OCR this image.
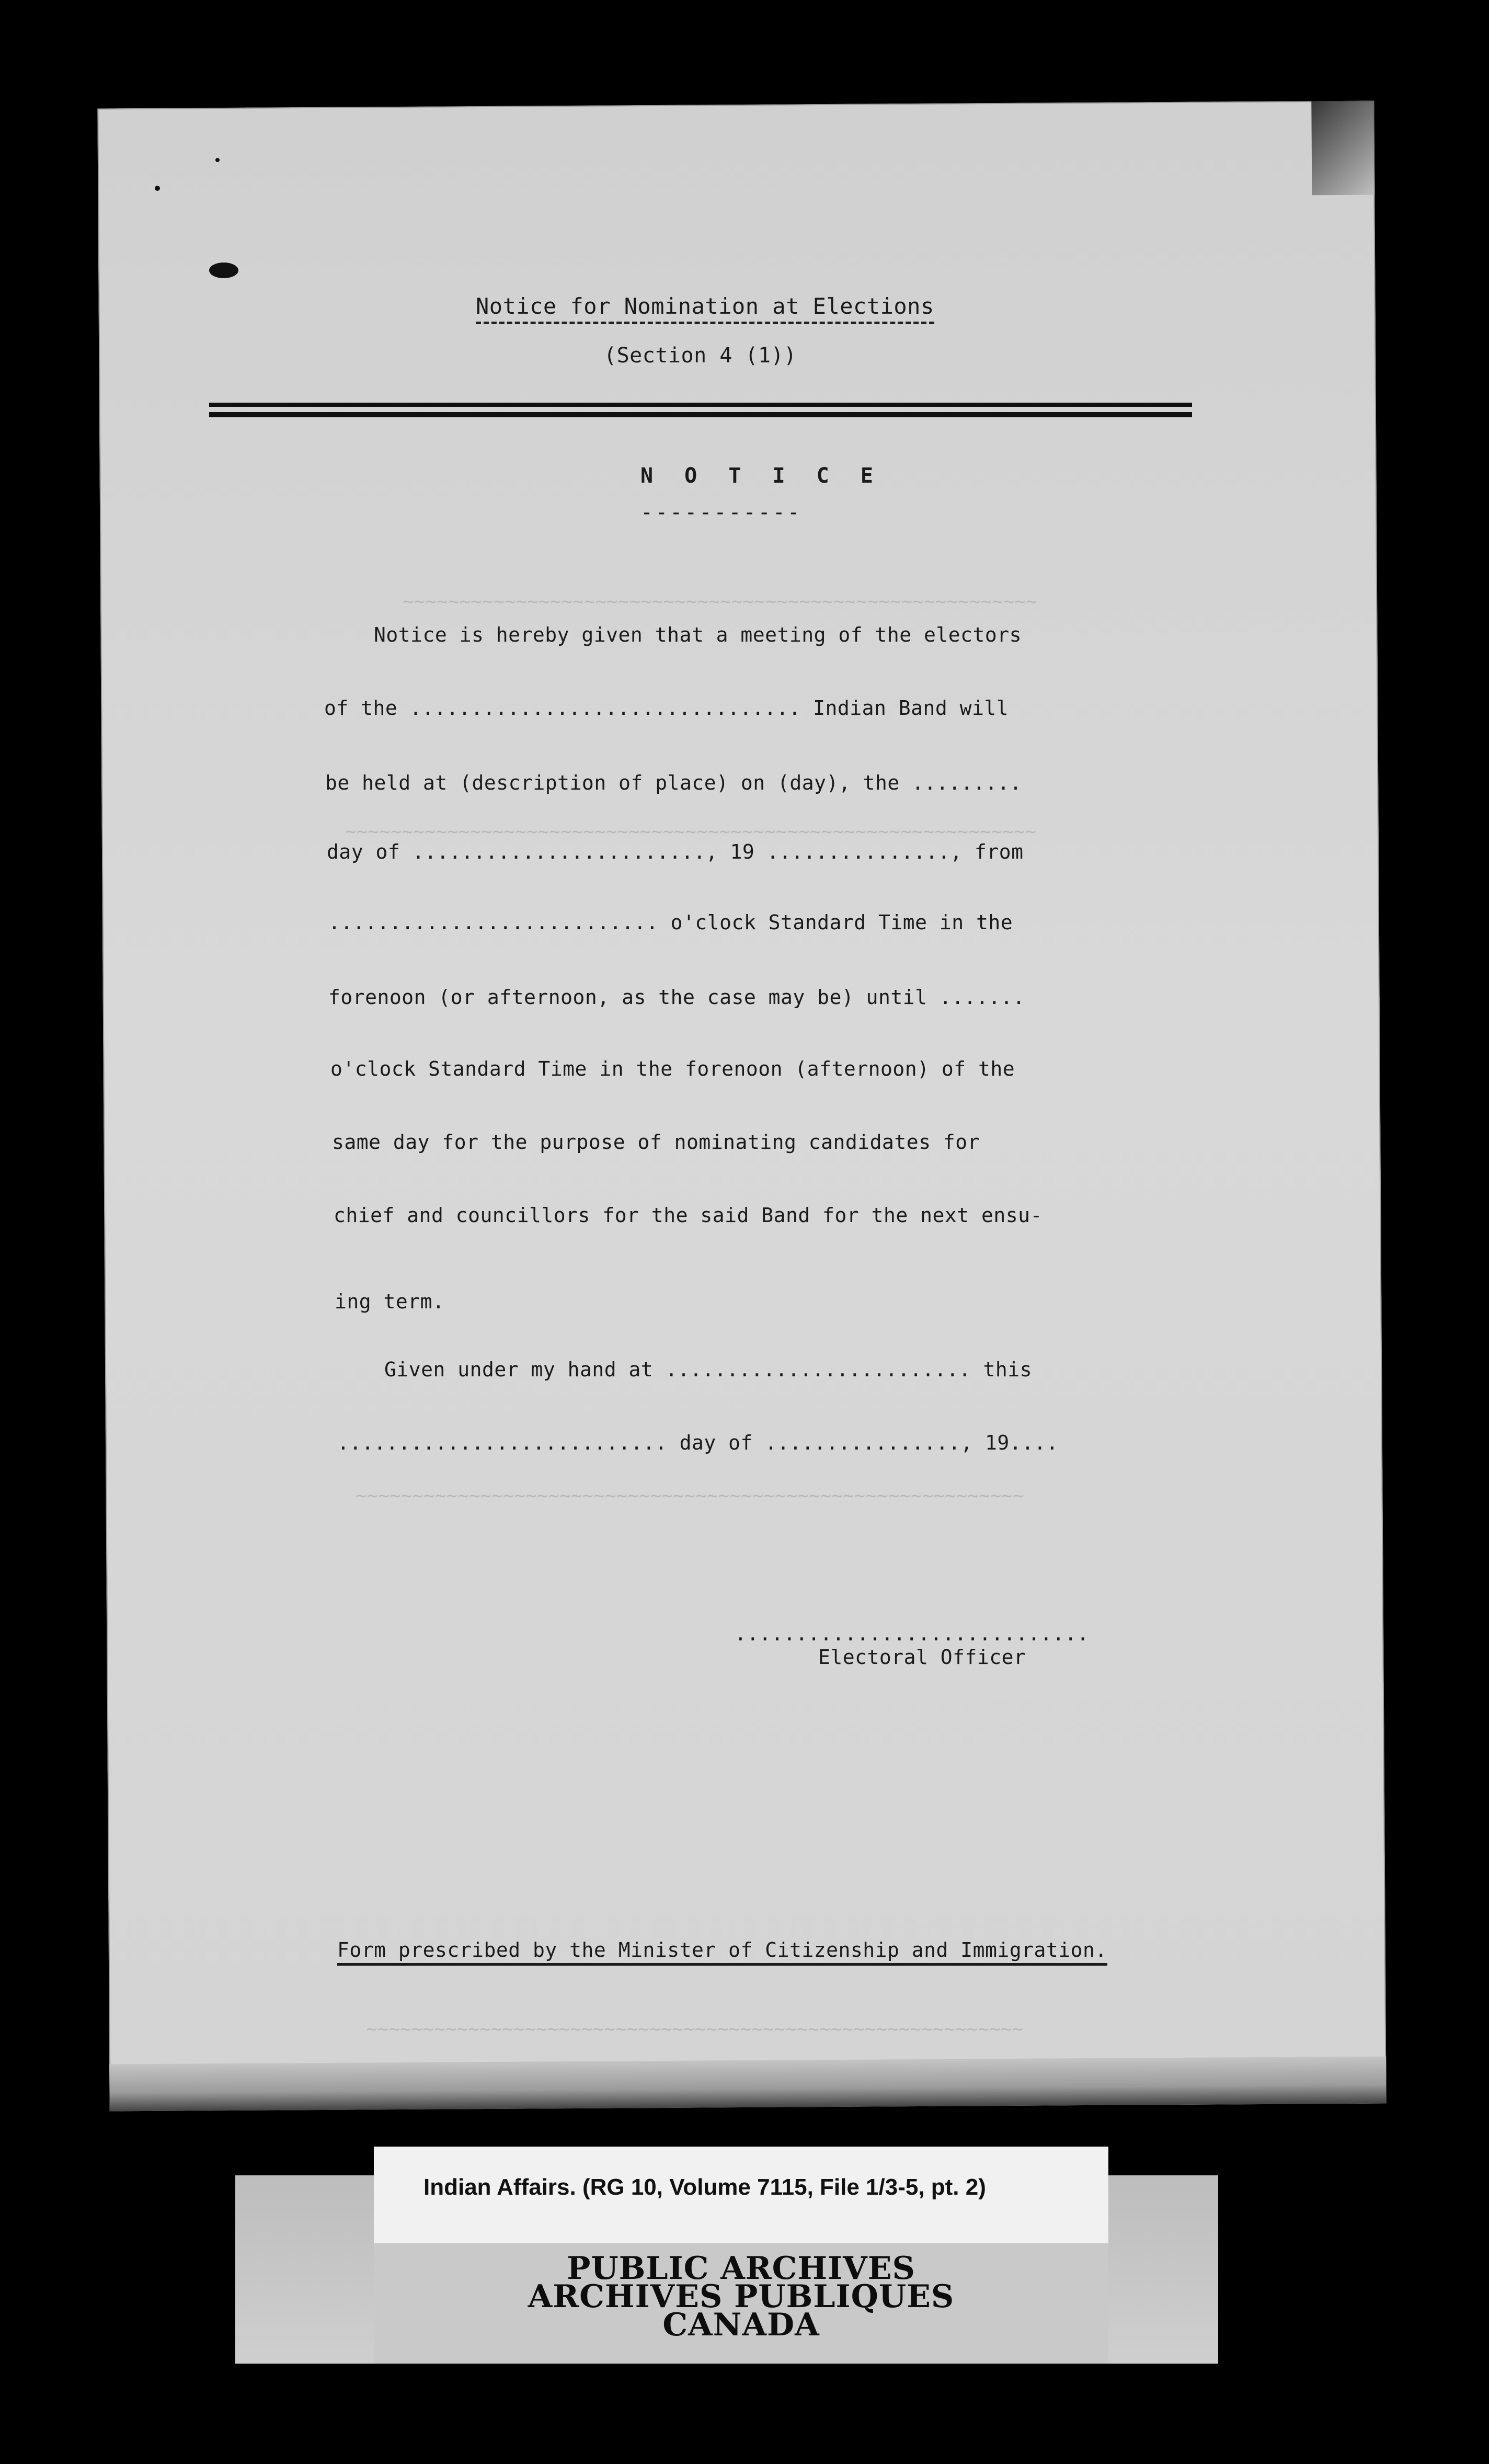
~~~~~~~~~~~~~~~~~~~~~~~~~~~~~~~~~~~~~~~~~~~~~~~~~~~~~~~~
~~~~~~~~~~~~~~~~~~~~~~~~~~~~~~~~~~~~~~~~~~~~~~~~~~~~~~~~~~~~~
~~~~~~~~~~~~~~~~~~~~~~~~~~~~~~~~~~~~~~~~~~~~~~~~~~~~~~~~~~~
~~~~~~~~~~~~~~~~~~~~~~~~~~~~~~~~~~~~~~~~~~~~~~~~~~~~~~~~~~
Notice for Nomination at Elections
(Section 4 (1))
N O T I C E
-----------
Notice is hereby given that a meeting of the electors
of the ................................ Indian Band will
be held at (description of place) on (day), the .........
day of ........................, 19 ..............., from
........................... o'clock Standard Time in the
forenoon (or afternoon, as the case may be) until .......
o'clock Standard Time in the forenoon (afternoon) of the
same day for the purpose of nominating candidates for
chief and councillors for the said Band for the next ensu-
ing term.
Given under my hand at ......................... this
........................... day of ................, 19....
.............................
Electoral Officer
Form prescribed by the Minister of Citizenship and Immigration.
Indian Affairs. (RG 10, Volume 7115, File 1/3-5, pt. 2)
PUBLIC ARCHIVES
ARCHIVES PUBLIQUES
CANADA
